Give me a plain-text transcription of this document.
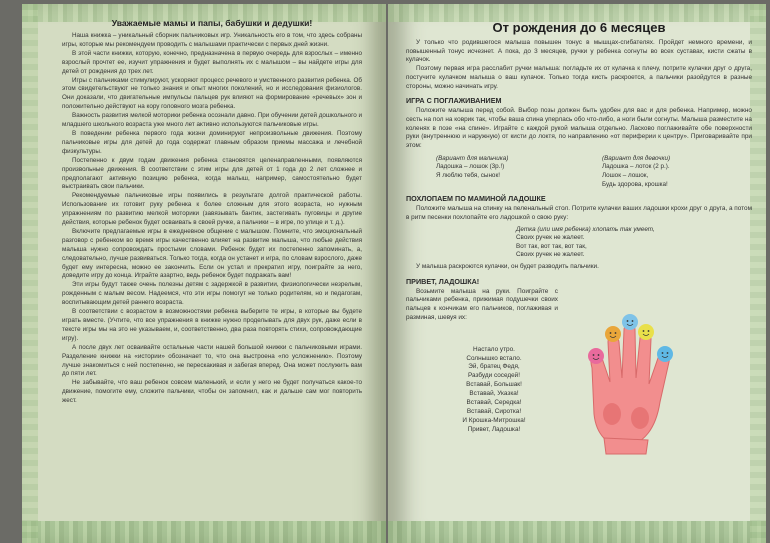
Уважаемые мамы и папы, бабушки и дедушки!

Наша книжка – уникальный сборник пальчиковых игр. Уникальность его в том, что здесь собраны игры, которые мы рекомендуем проводить с малышами практически с первых дней жизни.

В этой части книжки, которую, конечно, предназначена в первую очередь для взрослых – именно взрослый прочтет ее, изучит упражнения и будет выполнять их с малышом – вы найдете игры для детей от рождения до трех лет.

Игры с пальчиками стимулируют, ускоряют процесс речевого и умственного развития ребенка. Об этом свидетельствуют не только знания и опыт многих поколений, но и исследования физиологов. Они доказали, что двигательные импульсы пальцев рук влияют на формирование «речевых» зон и положительно действуют на кору головного мозга ребенка.

Важность развития мелкой моторики ребенка осознали давно. При обучении детей дошкольного и младшего школьного возраста уже много лет активно используются пальчиковые игры.

В поведении ребенка первого года жизни доминируют непроизвольные движения. Поэтому пальчиковые игры для детей до года содержат главным образом приемы массажа и лечебной физкультуры.

Постепенно к двум годам движения ребенка становятся целенаправленными, появляются произвольные движения. В соответствии с этим игры для детей от 1 года до 2 лет сложнее и предполагают активную позицию ребенка, когда малыш, например, самостоятельно будет выстраивать свои пальчики.

Рекомендуемые пальчиковые игры появились в результате долгой практической работы. Использование их готовит руку ребенка к более сложным для этого возраста, но нужным упражнениям по развитию мелкой моторики (завязывать бантик, застегивать пуговицы и другие действия, которые ребенок будет осваивать в своей ручке, а пальчики – в игре, по улице и т. д.).

Включите предлагаемые игры в ежедневное общение с малышом. Помните, что эмоциональный разговор с ребенком во время игры качественно влияет на развитие малыша, что любые действия малыша нужно сопровождать простыми словами. Ребенок будет их постепенно запоминать, а, следовательно, лучше развиваться. Только тогда, когда он устанет и игра, по словам взрослого, даже будет ему интересна, можно ее закончить. Если он устал и прекратил игру, поиграйте за него, доведите игру до конца. Играйте азартно, ведь ребенок будет подражать вам!

Эти игры будут также очень полезны детям с задержкой в развитии, физиологически незрелым, рожденным с малым весом. Надеемся, что эти игры помогут не только родителям, но и педагогам, воспитывающим детей раннего возраста.

В соответствии с возрастом в возможностями ребенка выберите те игры, в которые вы будете играть вместе. (Учтите, что все упражнения в книжке нужно проделывать для двух рук, даже если в тексте игры мы на это не указываем, и, соответственно, два раза повторять стихи, сопровождающие игру).

А после двух лет осваивайте остальные части нашей большой книжки с пальчиковыми играми. Разделение книжки на «истории» обозначает то, что она выстроена «по усложнению». Поэтому лучше знакомиться с ней постепенно, не перескакивая и забегая вперед. Она может послужить вам до пяти лет.

Не забывайте, что ваш ребенок совсем маленький, и если у него не будет получаться какое-то движение, помогите ему, сложите пальчики, чтобы он запомнил, как и дальше сам мог повторить жест.

От рождения до 6 месяцев

У только что родившегося малыша повышен тонус в мышцах-сгибателях. Пройдет немного времени, и повышенный тонус исчезнет. А пока, до 3 месяцев, ручки у ребенка согнуты во всех суставах, кисти сжаты в кулачок.

Поэтому первая игра расслабит ручки малыша: погладьте их от кулачка к плечу, потрите кулачки друг о друга, постучите кулачком малыша о ваш кулачок. Только тогда кисть раскроется, а пальчики разойдутся в разные стороны, можно начинать игру.

ИГРА С ПОГЛАЖИВАНИЕМ

Положите малыша перед собой. Выбор позы должен быть удобен для вас и для ребенка. Например, можно сесть на пол на коврик так, чтобы ваша спина уперлась обо что-либо, а ноги были согнуты. Малыша разместите на коленях в позе «на спине». Играйте с каждой рукой малыша отдельно. Ласково поглаживайте обе поверхности руки (внутреннюю и наружную) от кисти до локтя, по направлению «от периферии к центру». Приговаривайте при этом:

(Вариант для мальчика)
Ладошка – лошок (3р.!)
Я люблю тебя, сынок!
(Вариант для девочки)
Ладошка – лоток (2 р.).
Лошок – лошок,
Будь здорова, крошка!
ПОХЛОПАЕМ ПО МАМИНОЙ ЛАДОШКЕ

Положите малыша на спинку на пеленальный стол. Потрите кулачки ваших ладошки крохи друг о друга, а потом в ритм песенки похлопайте его ладошкой о свою руку:

Детка (или имя ребенка) хлопать так умеет,
Своих ручек не жалеет.
Вот так, вот так, вот так,
Своих ручек не жалеет.

У малыша раскроются кулачки, он будет разводить пальчики.

ПРИВЕТ, ЛАДОШКА!

Возьмите малыша на руки. Поиграйте с пальчиками ребенка, прижимая подушечки своих пальцев к кончикам его пальчиков, поглаживая и разминая, шевуя их:

Настало утро.
Солнышко встало.
Эй, братец Федя,
Разбуди соседей!
Вставай, Большак!
Вставай, Указка!
Вставай, Середка!
Вставай, Сиротка!
И Крошка-Митрошка!
Привет, Ладошка!
